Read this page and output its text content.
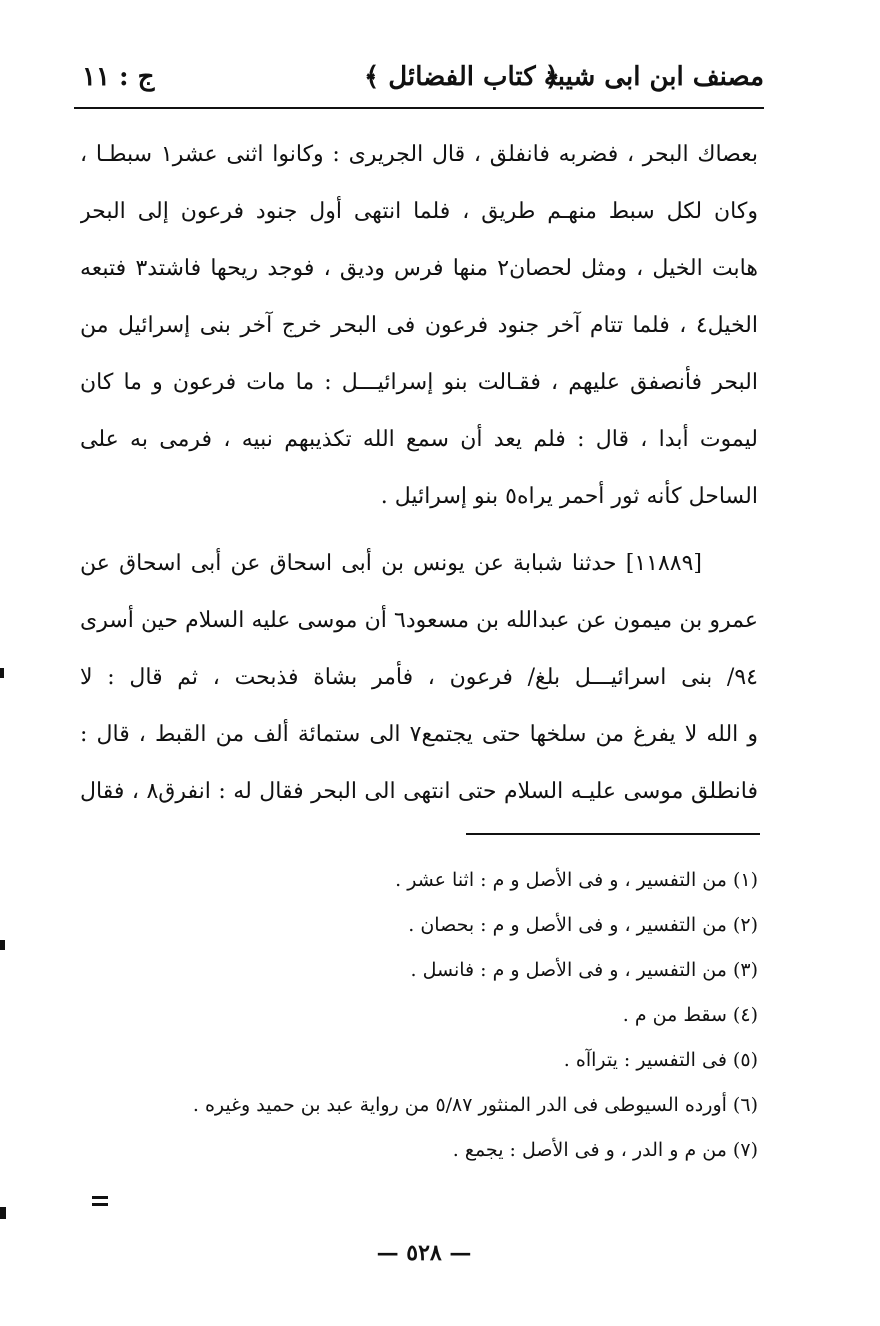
مصنف ابن ابى شيبة
﴿ كتاب الفضائل ﴾
ج : ١١
بعصاك البحر ، فضربه فانفلق ، قال الجريرى : وكانوا اثنى عشر١ سبطـا ،
وكان لكل سبط منهـم طريق ، فلما انتهى أول جنود فرعون إلى البحر
هابت الخيل ، ومثل لحصان٢ منها فرس وديق ، فوجد ريحها فاشتد٣ فتبعه
الخيل٤ ، فلما تتام آخر جنود فرعون فى البحر خرج آخر بنى إسرائيل من
البحر فأنصفق عليهم ، فقـالت بنو إسرائيـــل : ما مات فرعون و ما كان
ليموت أبدا ، قال : فلم يعد أن سمع الله تكذيبهم نبيه ، فرمى به على
الساحل كأنه ثور أحمر يراه٥ بنو إسرائيل .
[١١٨٨٩] حدثنا شبابة عن يونس بن أبى اسحاق عن أبى اسحاق عن
عمرو بن ميمون عن عبدالله بن مسعود٦ أن موسى عليه السلام حين أسرى
٩٤/ بنى اسرائيـــل بلغ/ فرعون ، فأمر بشاة فذبحت ، ثم قال : لا
و الله لا يفرغ من سلخها حتى يجتمع٧ الى ستمائة ألف من القبط ، قال :
فانطلق موسى عليـه السلام حتى انتهى الى البحر فقال له : انفرق٨ ، فقال
(١) من التفسير ، و فى الأصل و م : اثنا عشر .
(٢) من التفسير ، و فى الأصل و م : بحصان .
(٣) من التفسير ، و فى الأصل و م : فانسل .
(٤) سقط من م .
(٥) فى التفسير : يتراآه .
(٦) أورده السيوطى فى الدر المنثور ٥/٨٧ من رواية عبد بن حميد وغيره .
(٧) من م و الدر ، و فى الأصل : يجمع .
— ٥٢٨ —
